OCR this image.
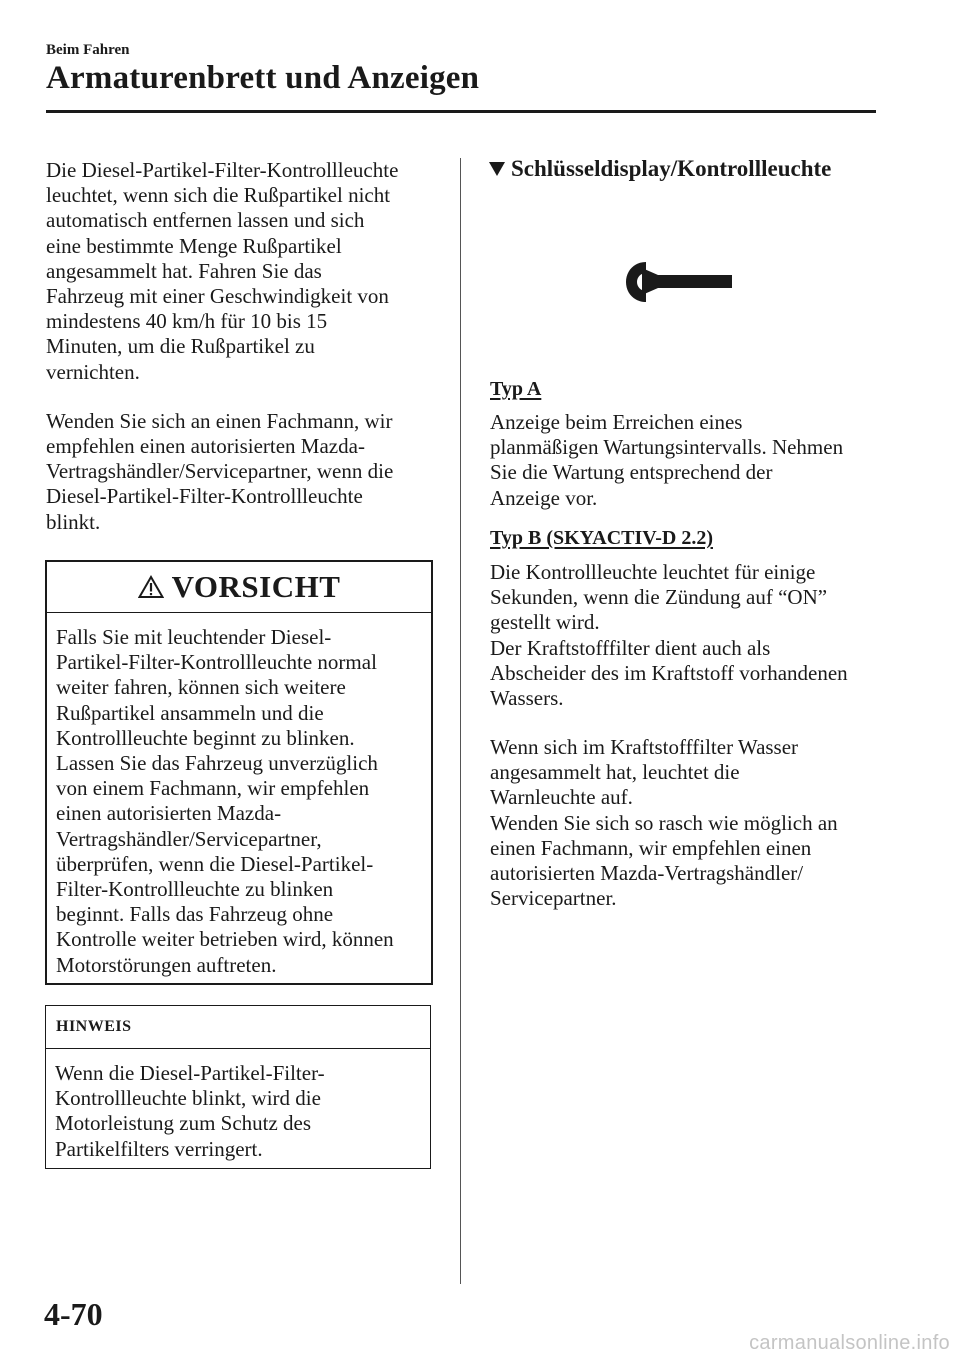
Beim Fahren
Armaturenbrett und Anzeigen

Die Diesel-Partikel-Filter-Kontrollleuchte
leuchtet, wenn sich die Rußpartikel nicht
automatisch entfernen lassen und sich
eine bestimmte Menge Rußpartikel
angesammelt hat. Fahren Sie das
Fahrzeug mit einer Geschwindigkeit von
mindestens 40 km/h für 10 bis 15
Minuten, um die Rußpartikel zu
vernichten.

Wenden Sie sich an einen Fachmann, wir
empfehlen einen autorisierten Mazda-
Vertragshändler/Servicepartner, wenn die
Diesel-Partikel-Filter-Kontrollleuchte
blinkt.

VORSICHT
Falls Sie mit leuchtender Diesel-
Partikel-Filter-Kontrollleuchte normal
weiter fahren, können sich weitere
Rußpartikel ansammeln und die
Kontrollleuchte beginnt zu blinken.
Lassen Sie das Fahrzeug unverzüglich
von einem Fachmann, wir empfehlen
einen autorisierten Mazda-
Vertragshändler/Servicepartner,
überprüfen, wenn die Diesel-Partikel-
Filter-Kontrollleuchte zu blinken
beginnt. Falls das Fahrzeug ohne
Kontrolle weiter betrieben wird, können
Motorstörungen auftreten.
HINWEIS
Wenn die Diesel-Partikel-Filter-
Kontrollleuchte blinkt, wird die
Motorleistung zum Schutz des
Partikelfilters verringert.
Schlüsseldisplay/Kontrollleuchte
Typ A

Anzeige beim Erreichen eines
planmäßigen Wartungsintervalls. Nehmen
Sie die Wartung entsprechend der
Anzeige vor.

Typ B (SKYACTIV-D 2.2)

Die Kontrollleuchte leuchtet für einige
Sekunden, wenn die Zündung auf “ON”
gestellt wird.
Der Kraftstofffilter dient auch als
Abscheider des im Kraftstoff vorhandenen
Wassers.

Wenn sich im Kraftstofffilter Wasser
angesammelt hat, leuchtet die
Warnleuchte auf.
Wenden Sie sich so rasch wie möglich an
einen Fachmann, wir empfehlen einen
autorisierten Mazda-Vertragshändler/
Servicepartner.

4-70
carmanualsonline.info
